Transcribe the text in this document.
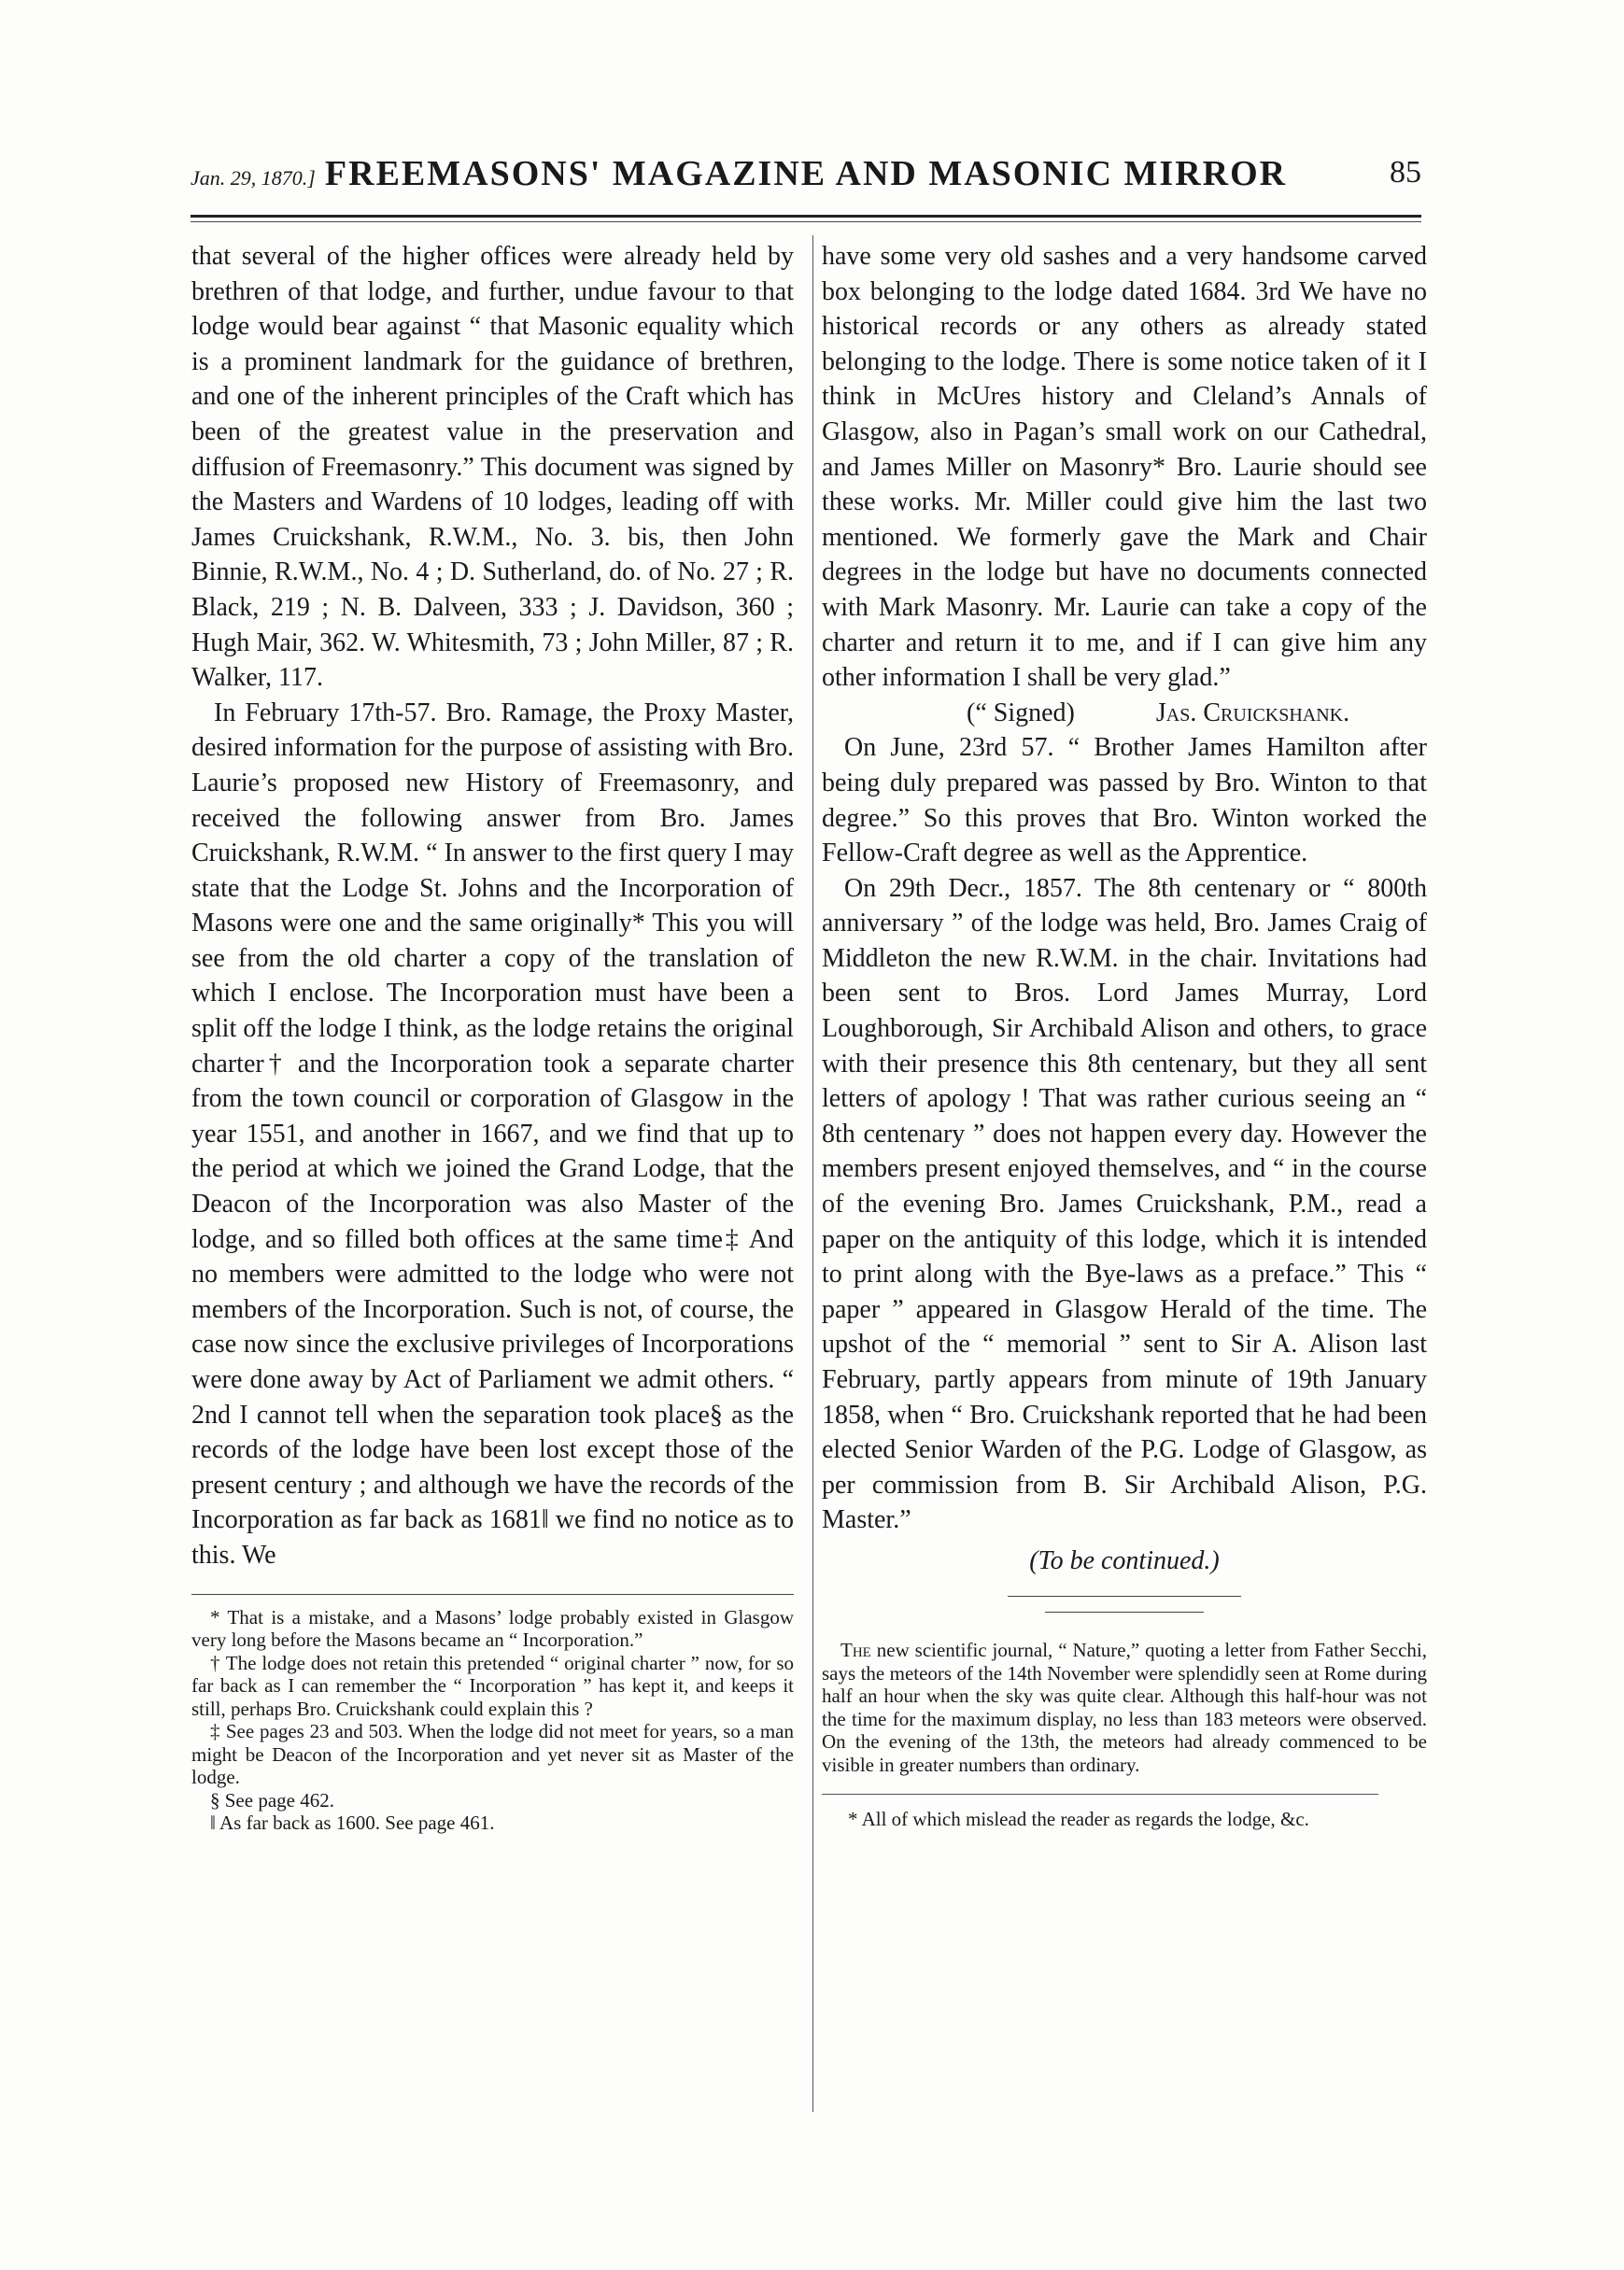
Jan. 29, 1870.] FREEMASONS' MAGAZINE AND MASONIC MIRROR	85

that several of the higher offices were already held by brethren of that lodge, and further, undue favour to that lodge would bear against “ that Masonic equality which is a prominent landmark for the guidance of brethren, and one of the inherent principles of the Craft which has been of the greatest value in the preservation and diffusion of Freemasonry.” This document was signed by the Masters and Wardens of 10 lodges, leading off with James Cruickshank, R.W.M., No. 3. bis, then John Binnie, R.W.M., No. 4 ; D. Sutherland, do. of No. 27 ; R. Black, 219 ; N. B. Dalveen, 333 ; J. Davidson, 360 ; Hugh Mair, 362. W. Whitesmith, 73 ; John Miller, 87 ; R. Walker, 117.

In February 17th-57. Bro. Ramage, the Proxy Master, desired information for the purpose of assisting with Bro. Laurie’s proposed new History of Freemasonry, and received the following answer from Bro. James Cruickshank, R.W.M. “ In answer to the first query I may state that the Lodge St. Johns and the Incorporation of Masons were one and the same originally* This you will see from the old charter a copy of the translation of which I enclose. The Incorporation must have been a split off the lodge I think, as the lodge retains the original charter† and the Incorporation took a separate charter from the town council or corporation of Glasgow in the year 1551, and another in 1667, and we find that up to the period at which we joined the Grand Lodge, that the Deacon of the Incorporation was also Master of the lodge, and so filled both offices at the same time‡ And no members were admitted to the lodge who were not members of the Incorporation. Such is not, of course, the case now since the exclusive privileges of Incorporations were done away by Act of Parliament we admit others. “ 2nd I cannot tell when the separation took place§ as the records of the lodge have been lost except those of the present century ; and although we have the records of the Incorporation as far back as 1681‖ we find no notice as to this. We

* That is a mistake, and a Masons’ lodge probably existed in Glasgow very long before the Masons became an “ Incorporation.”

† The lodge does not retain this pretended “ original charter ” now, for so far back as I can remember the “ Incorporation ” has kept it, and keeps it still, perhaps Bro. Cruickshank could explain this ?

‡ See pages 23 and 503. When the lodge did not meet for years, so a man might be Deacon of the Incorporation and yet never sit as Master of the lodge.

§ See page 462.

‖ As far back as 1600. See page 461.

have some very old sashes and a very handsome carved box belonging to the lodge dated 1684. 3rd We have no historical records or any others as already stated belonging to the lodge. There is some notice taken of it I think in McUres history and Cleland’s Annals of Glasgow, also in Pagan’s small work on our Cathedral, and James Miller on Masonry* Bro. Laurie should see these works. Mr. Miller could give him the last two mentioned. We formerly gave the Mark and Chair degrees in the lodge but have no documents connected with Mark Masonry. Mr. Laurie can take a copy of the charter and return it to me, and if I can give him any other information I shall be very glad.”

(“ Signed)	Jas. Cruickshank.

On June, 23rd 57. “ Brother James Hamilton after being duly prepared was passed by Bro. Winton to that degree.” So this proves that Bro. Winton worked the Fellow-Craft degree as well as the Apprentice.

On 29th Decr., 1857. The 8th centenary or “ 800th anniversary ” of the lodge was held, Bro. James Craig of Middleton the new R.W.M. in the chair. Invitations had been sent to Bros. Lord James Murray, Lord Loughborough, Sir Archibald Alison and others, to grace with their presence this 8th centenary, but they all sent letters of apology ! That was rather curious seeing an “ 8th centenary ” does not happen every day. However the members present enjoyed themselves, and “ in the course of the evening Bro. James Cruickshank, P.M., read a paper on the antiquity of this lodge, which it is intended to print along with the Bye-laws as a preface.” This “ paper ” appeared in Glasgow Herald of the time. The upshot of the “ memorial ” sent to Sir A. Alison last February, partly appears from minute of 19th January 1858, when “ Bro. Cruickshank reported that he had been elected Senior Warden of the P.G. Lodge of Glasgow, as per commission from B. Sir Archibald Alison, P.G. Master.”

(To be continued.)

The new scientific journal, “ Nature,” quoting a letter from Father Secchi, says the meteors of the 14th November were splendidly seen at Rome during half an hour when the sky was quite clear. Although this half-hour was not the time for the maximum display, no less than 183 meteors were observed. On the evening of the 13th, the meteors had already commenced to be visible in greater numbers than ordinary.

* All of which mislead the reader as regards the lodge, &c.
